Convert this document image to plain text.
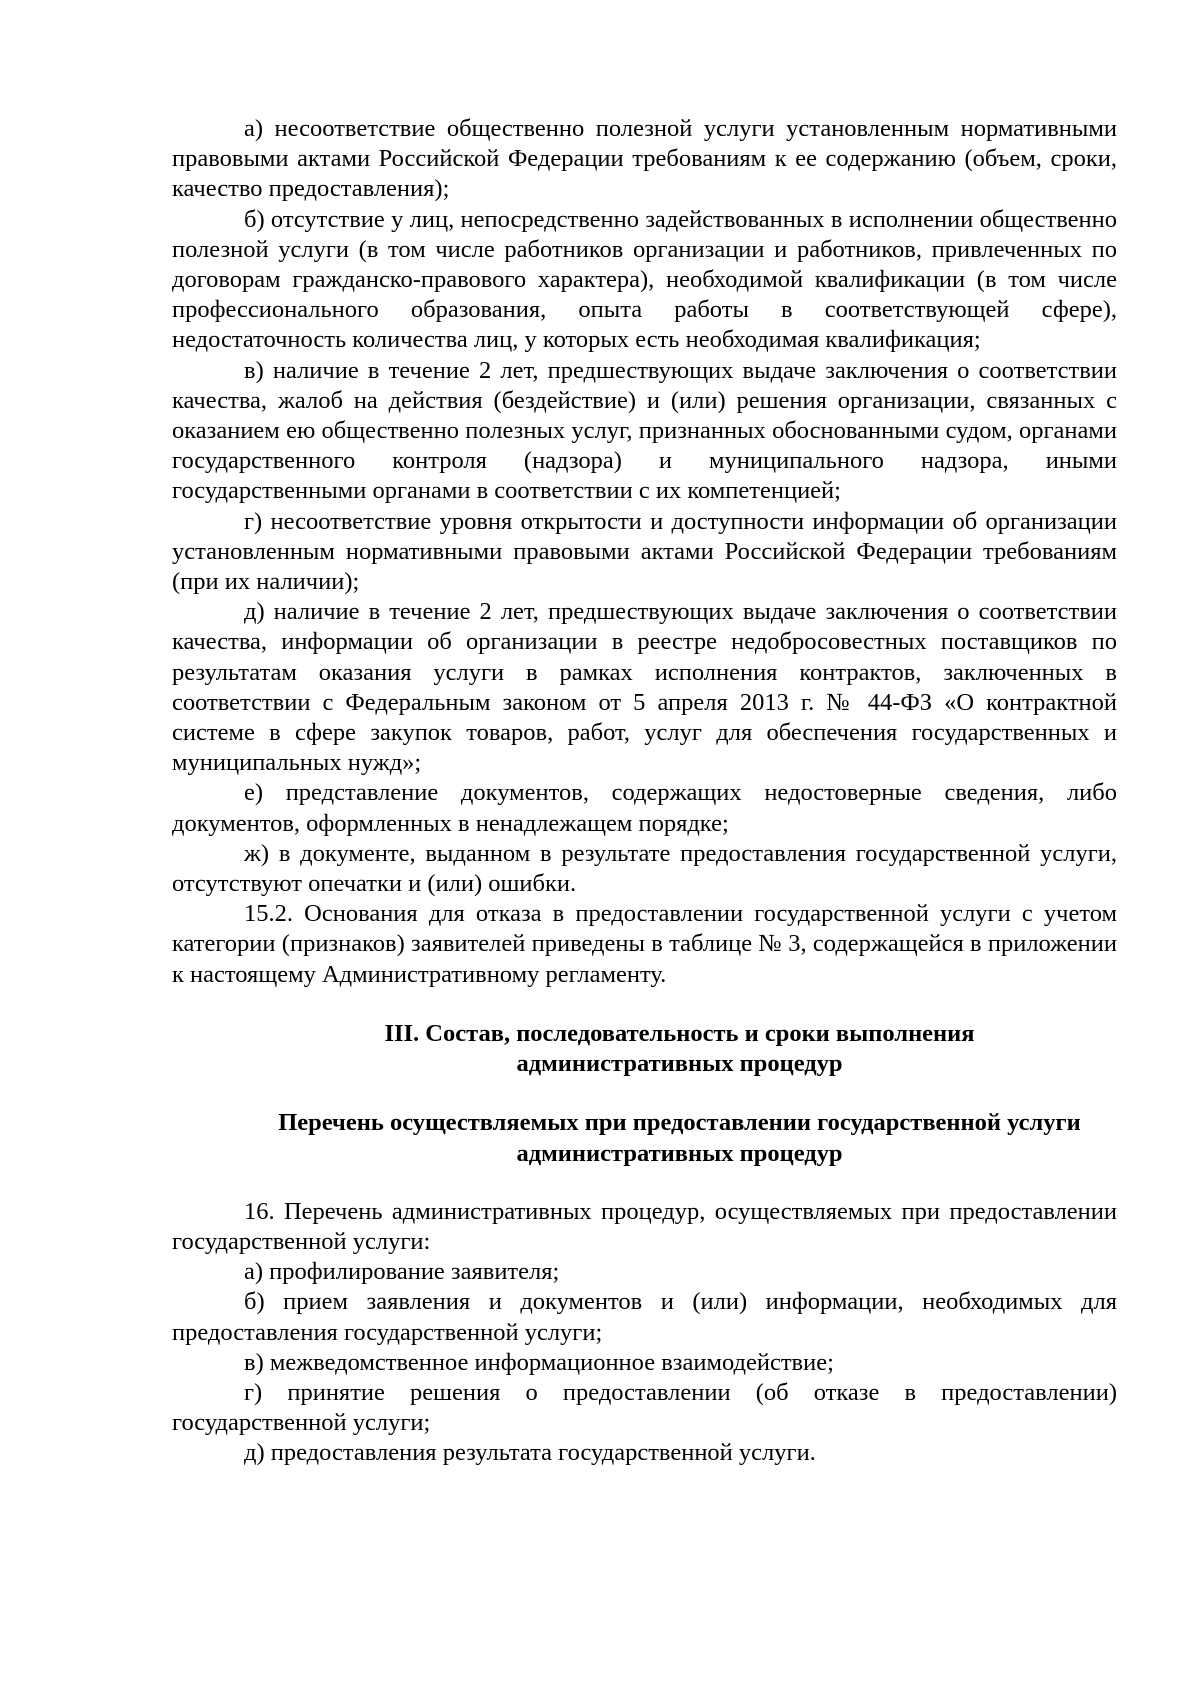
а) несоответствие общественно полезной услуги установленным нормативными правовыми актами Российской Федерации требованиям к ее содержанию (объем, сроки, качество предоставления);

б) отсутствие у лиц, непосредственно задействованных в исполнении общественно полезной услуги (в том числе работников организации и работников, привлеченных по договорам гражданско-правового характера), необходимой квалификации (в том числе профессионального образования, опыта работы в соответствующей сфере), недостаточность количества лиц, у которых есть необходимая квалификация;

в) наличие в течение 2 лет, предшествующих выдаче заключения о соответствии качества, жалоб на действия (бездействие) и (или) решения организации, связанных с оказанием ею общественно полезных услуг, признанных обоснованными судом, органами государственного контроля (надзора) и муниципального надзора, иными государственными органами в соответствии с их компетенцией;

г) несоответствие уровня открытости и доступности информации об организации установленным нормативными правовыми актами Российской Федерации требованиям (при их наличии);

д) наличие в течение 2 лет, предшествующих выдаче заключения о соответствии качества, информации об организации в реестре недобросовестных поставщиков по результатам оказания услуги в рамках исполнения контрактов, заключенных в соответствии с Федеральным законом от 5 апреля 2013 г. № 44-ФЗ «О контрактной системе в сфере закупок товаров, работ, услуг для обеспечения государственных и муниципальных нужд»;

е) представление документов, содержащих недостоверные сведения, либо документов, оформленных в ненадлежащем порядке;

ж) в документе, выданном в результате предоставления государственной услуги, отсутствуют опечатки и (или) ошибки.

15.2. Основания для отказа в предоставлении государственной услуги с учетом категории (признаков) заявителей приведены в таблице № 3, содержащейся в приложении к настоящему Административному регламенту.

III. Состав, последовательность и сроки выполнения
административных процедур
Перечень осуществляемых при предоставлении государственной услуги
административных процедур

16. Перечень административных процедур, осуществляемых при предоставлении государственной услуги:

а) профилирование заявителя;

б) прием заявления и документов и (или) информации, необходимых для предоставления государственной услуги;

в) межведомственное информационное взаимодействие;

г) принятие решения о предоставлении (об отказе в предоставлении) государственной услуги;

д) предоставления результата государственной услуги.
